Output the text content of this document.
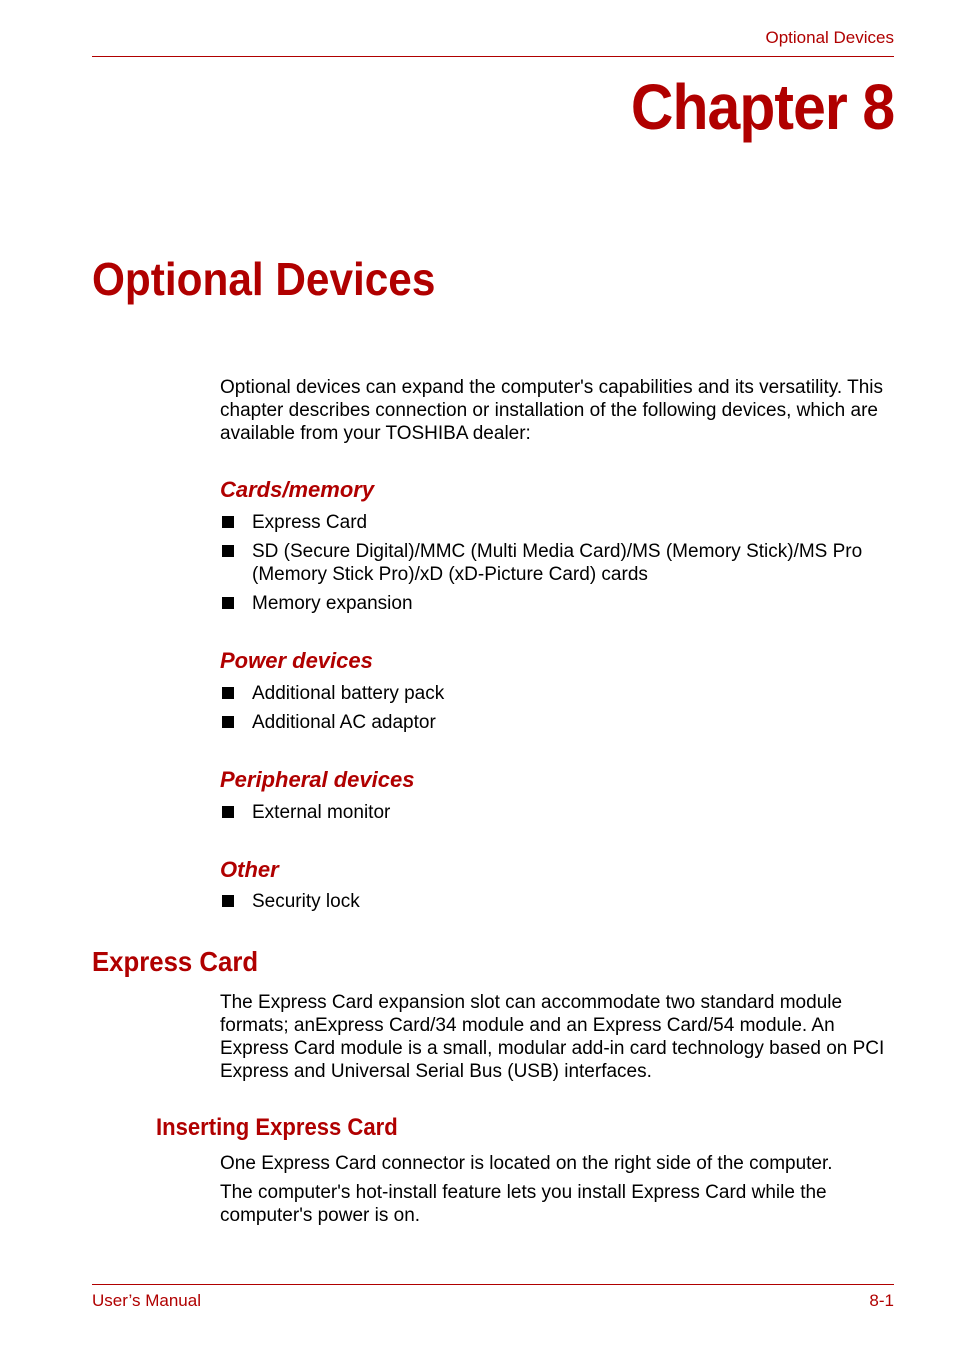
Optional Devices
Chapter 8
Optional Devices

Optional devices can expand the computer's capabilities and its versatility. This chapter describes connection or installation of the following devices, which are available from your TOSHIBA dealer:

Cards/memory
Express Card
SD (Secure Digital)/MMC (Multi Media Card)/MS (Memory Stick)/MS Pro (Memory Stick Pro)/xD (xD-Picture Card) cards
Memory expansion
Power devices
Additional battery pack
Additional AC adaptor
Peripheral devices
External monitor
Other
Security lock
Express Card

The Express Card expansion slot can accommodate two standard module formats; anExpress Card/34 module and an Express Card/54 module. An Express Card module is a small, modular add-in card technology based on PCI Express and Universal Serial Bus (USB) interfaces.

Inserting Express Card

One Express Card connector is located on the right side of the computer.

The computer's hot-install feature lets you install Express Card while the computer's power is on.

User’s Manual	8-1
